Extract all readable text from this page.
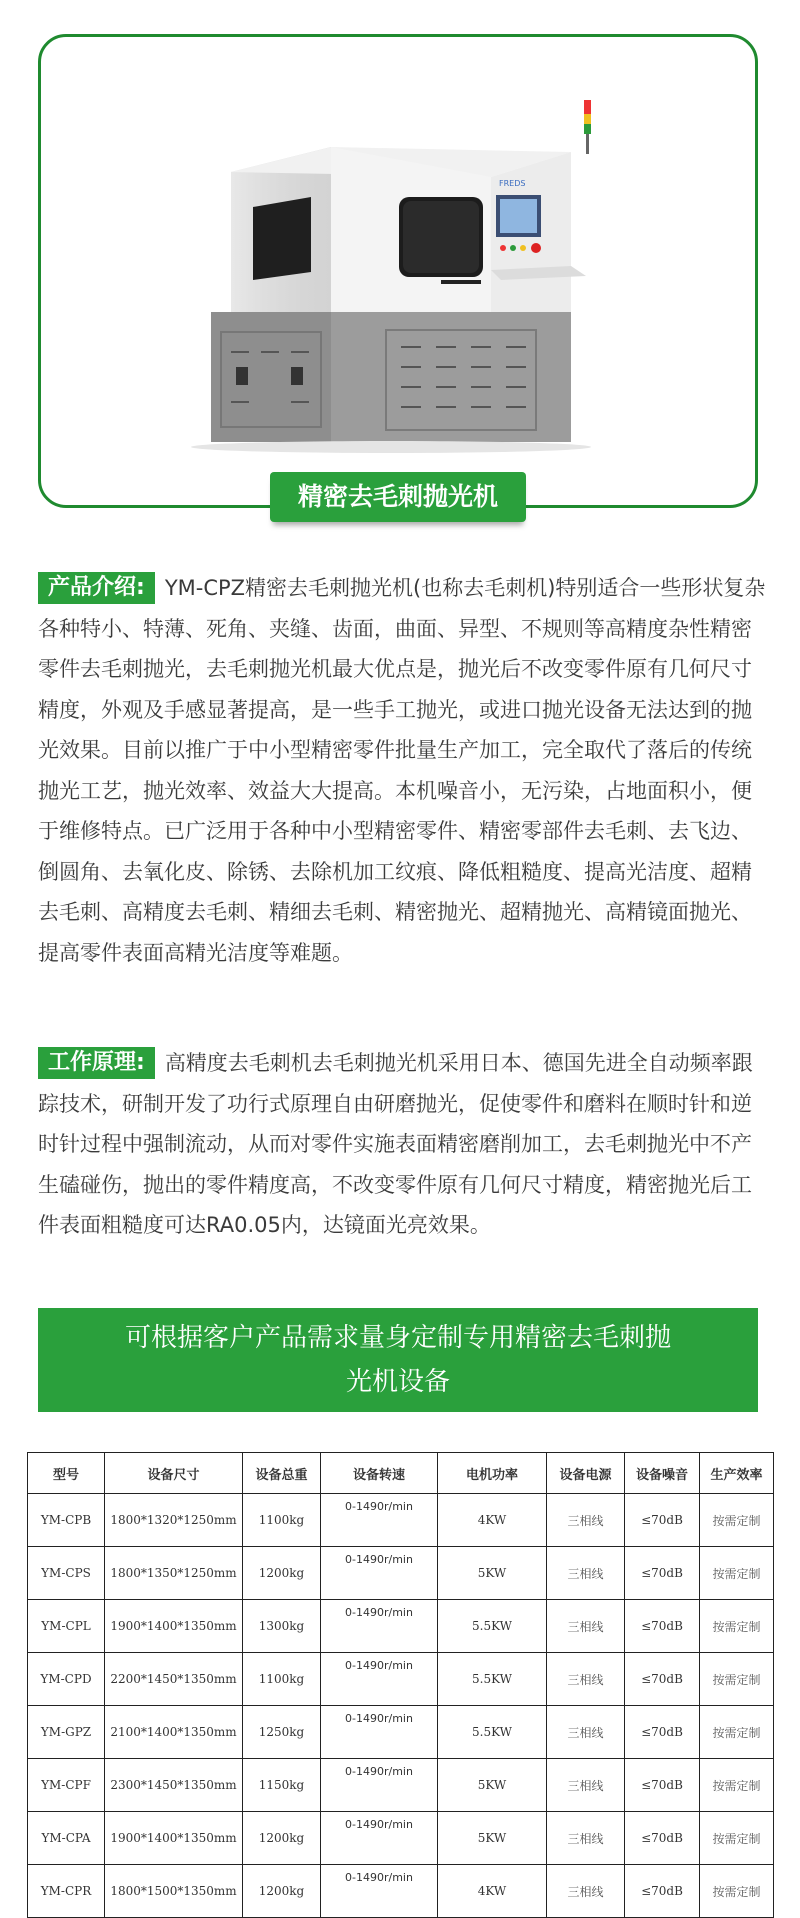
FREDS
精密去毛刺抛光机
产品介绍: YM-CPZ精密去毛刺抛光机(也称去毛刺机)特别适合一些形状复杂各种特小、特薄、死角、夹缝、齿面，曲面、异型、不规则等高精度杂性精密零件去毛刺抛光，去毛刺抛光机最大优点是，抛光后不改变零件原有几何尺寸精度，外观及手感显著提高，是一些手工抛光，或进口抛光设备无法达到的抛光效果。目前以推广于中小型精密零件批量生产加工，完全取代了落后的传统抛光工艺，抛光效率、效益大大提高。本机噪音小，无污染，占地面积小，便于维修特点。已广泛用于各种中小型精密零件、精密零部件去毛刺、去飞边、倒圆角、去氧化皮、除锈、去除机加工纹痕、降低粗糙度、提高光洁度、超精去毛刺、高精度去毛刺、精细去毛刺、精密抛光、超精抛光、高精镜面抛光、提高零件表面高精光洁度等难题。
工作原理: 高精度去毛刺机去毛刺抛光机采用日本、德国先进全自动频率跟踪技术，研制开发了功行式原理自由研磨抛光，促使零件和磨料在顺时针和逆时针过程中强制流动，从而对零件实施表面精密磨削加工，去毛刺抛光中不产生磕碰伤，抛出的零件精度高，不改变零件原有几何尺寸精度，精密抛光后工件表面粗糙度可达RA0.05内，达镜面光亮效果。
可根据客户产品需求量身定制专用精密去毛刺抛
光机设备
型号	设备尺寸	设备总重	设备转速	电机功率	设备电源	设备噪音	生产效率
YM-CPB	1800*1320*1250mm	1100kg	0-1490r/min	4KW	三相线	≤70dB	按需定制
YM-CPS	1800*1350*1250mm	1200kg	0-1490r/min	5KW	三相线	≤70dB	按需定制
YM-CPL	1900*1400*1350mm	1300kg	0-1490r/min	5.5KW	三相线	≤70dB	按需定制
YM-CPD	2200*1450*1350mm	1100kg	0-1490r/min	5.5KW	三相线	≤70dB	按需定制
YM-GPZ	2100*1400*1350mm	1250kg	0-1490r/min	5.5KW	三相线	≤70dB	按需定制
YM-CPF	2300*1450*1350mm	1150kg	0-1490r/min	5KW	三相线	≤70dB	按需定制
YM-CPA	1900*1400*1350mm	1200kg	0-1490r/min	5KW	三相线	≤70dB	按需定制
YM-CPR	1800*1500*1350mm	1200kg	0-1490r/min	4KW	三相线	≤70dB	按需定制
